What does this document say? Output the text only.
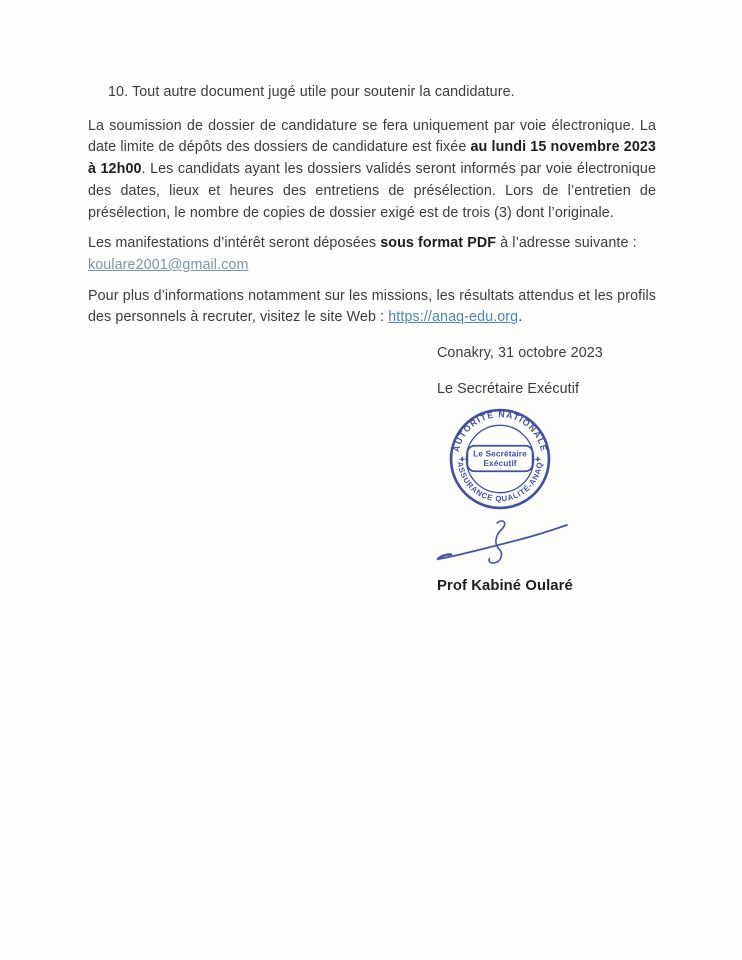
10. Tout autre document jugé utile pour soutenir la candidature.

La soumission de dossier de candidature se fera uniquement par voie électronique. La date limite de dépôts des dossiers de candidature est fixée au lundi 15 novembre 2023 à 12h00. Les candidats ayant les dossiers validés seront informés par voie électronique des dates, lieux et heures des entretiens de présélection. Lors de l’entretien de présélection, le nombre de copies de dossier exigé est de trois (3) dont l’originale.

Les manifestations d’intérêt seront déposées sous format PDF à l’adresse suivante :

koulare2001@gmail.com

Pour plus d’informations notamment sur les missions, les résultats attendus et les profils des personnels à recruter, visitez le site Web : https://anaq-edu.org.

Conakry, 31 octobre 2023

Le Secrétaire Exécutif

AUTORITÉ NATIONALE
ASSURANCE QUALITÉ-ANAQ
Le Secrétaire
Exécutif

Prof Kabiné Oularé
